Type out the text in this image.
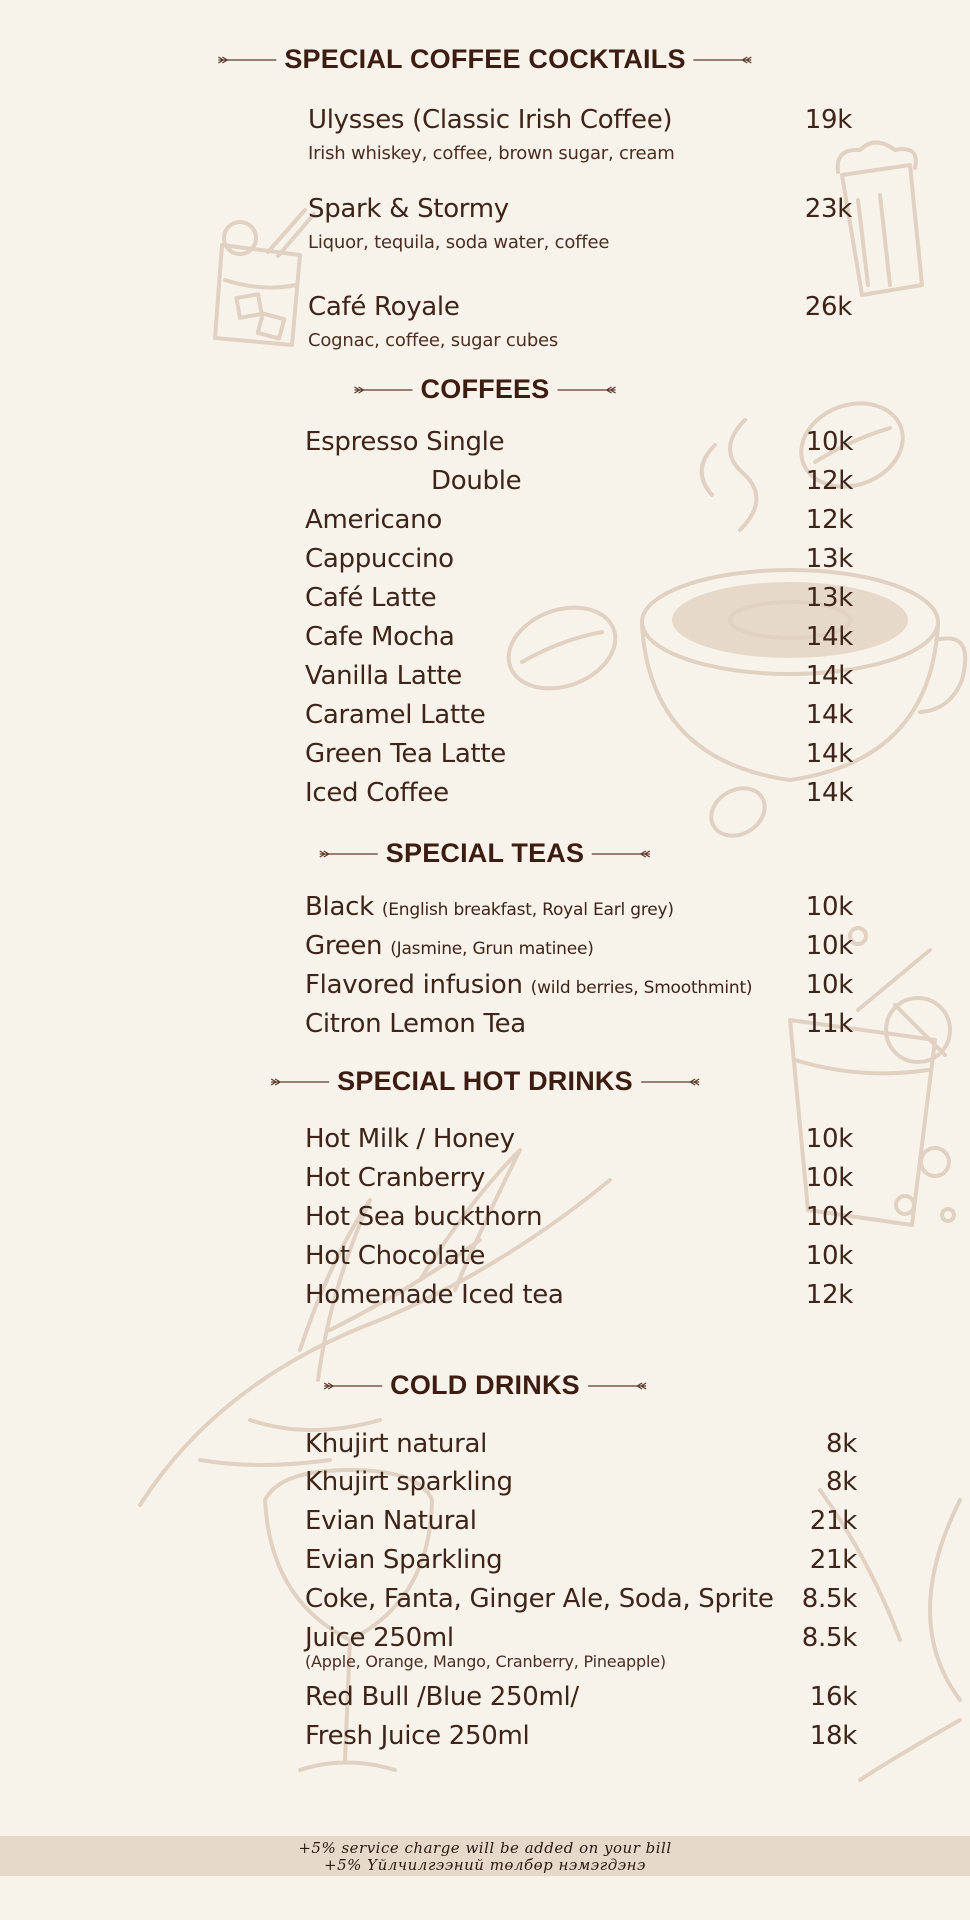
SPECIAL COFFEE COCKTAILS
Ulysses (Classic Irish Coffee)	19k
Irish whiskey, coffee, brown sugar, cream
Spark & Stormy	23k
Liquor, tequila, soda water, coffee
Café Royale	26k
Cognac, coffee, sugar cubes
COFFEES
Espresso Single	10k
Double	12k
Americano	12k
Cappuccino	13k
Café Latte	13k
Cafe Mocha	14k
Vanilla Latte	14k
Caramel Latte	14k
Green Tea Latte	14k
Iced Coffee	14k
SPECIAL TEAS
Black (English breakfast, Royal Earl grey)	10k
Green (Jasmine, Grun matinee)	10k
Flavored infusion (wild berries, Smoothmint) 10k
Citron Lemon Tea	11k
SPECIAL HOT DRINKS
Hot Milk / Honey	10k
Hot Cranberry	10k
Hot Sea buckthorn	10k
Hot Chocolate	10k
Homemade Iced tea	12k
COLD DRINKS
Khujirt natural	8k
Khujirt sparkling	8k
Evian Natural	21k
Evian Sparkling	21k
Coke, Fanta, Ginger Ale, Soda, Sprite 8.5k
Juice 250ml	8.5k
(Apple, Orange, Mango, Cranberry, Pineapple)
Red Bull /Blue 250ml/	16k
Fresh Juice 250ml	18k
+5% service charge will be added on your bill
+5% Үйлчилгээний төлбөр нэмэгдэнэ
